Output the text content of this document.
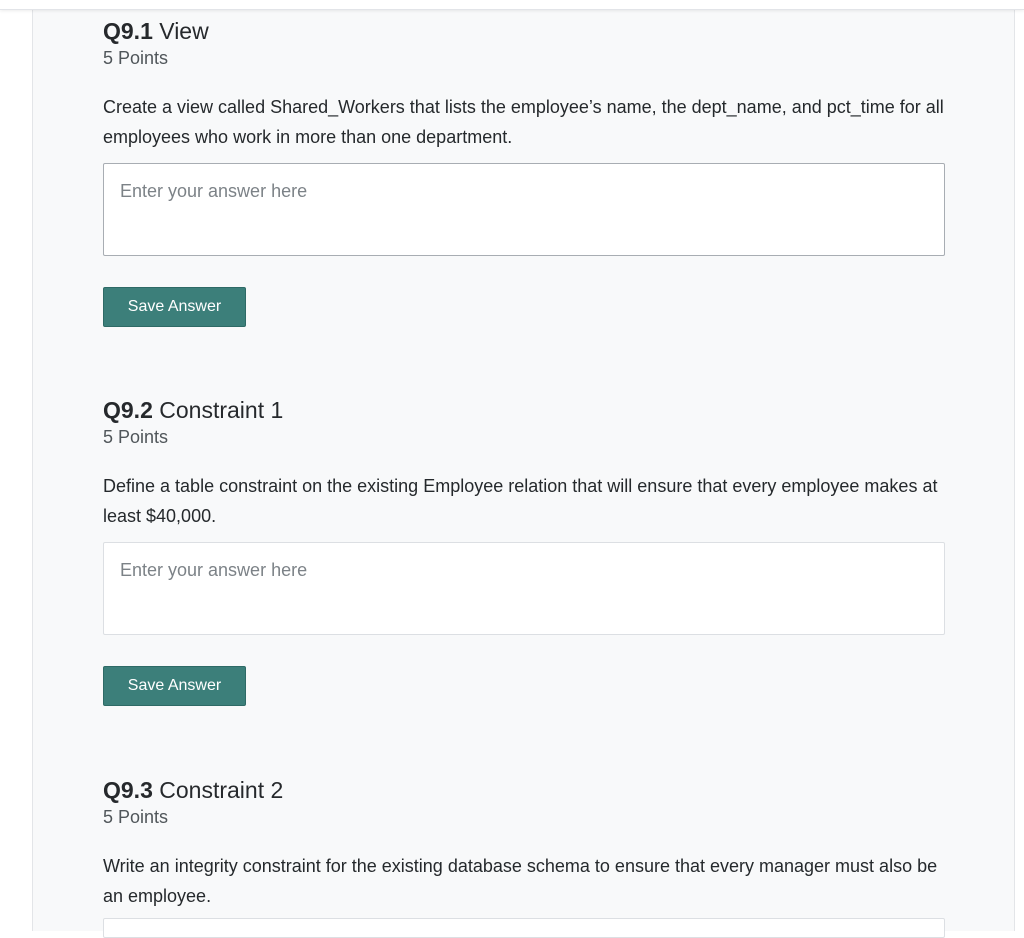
Q9.1 View
5 Points
Create a view called Shared_Workers that lists the employee’s name, the dept_name, and pct_time for all employees who work in more than one department.
Enter your answer here
Save Answer
Q9.2 Constraint 1
5 Points
Define a table constraint on the existing Employee relation that will ensure that every employee makes at least $40,000.
Enter your answer here
Save Answer
Q9.3 Constraint 2
5 Points
Write an integrity constraint for the existing database schema to ensure that every manager must also be an employee.
